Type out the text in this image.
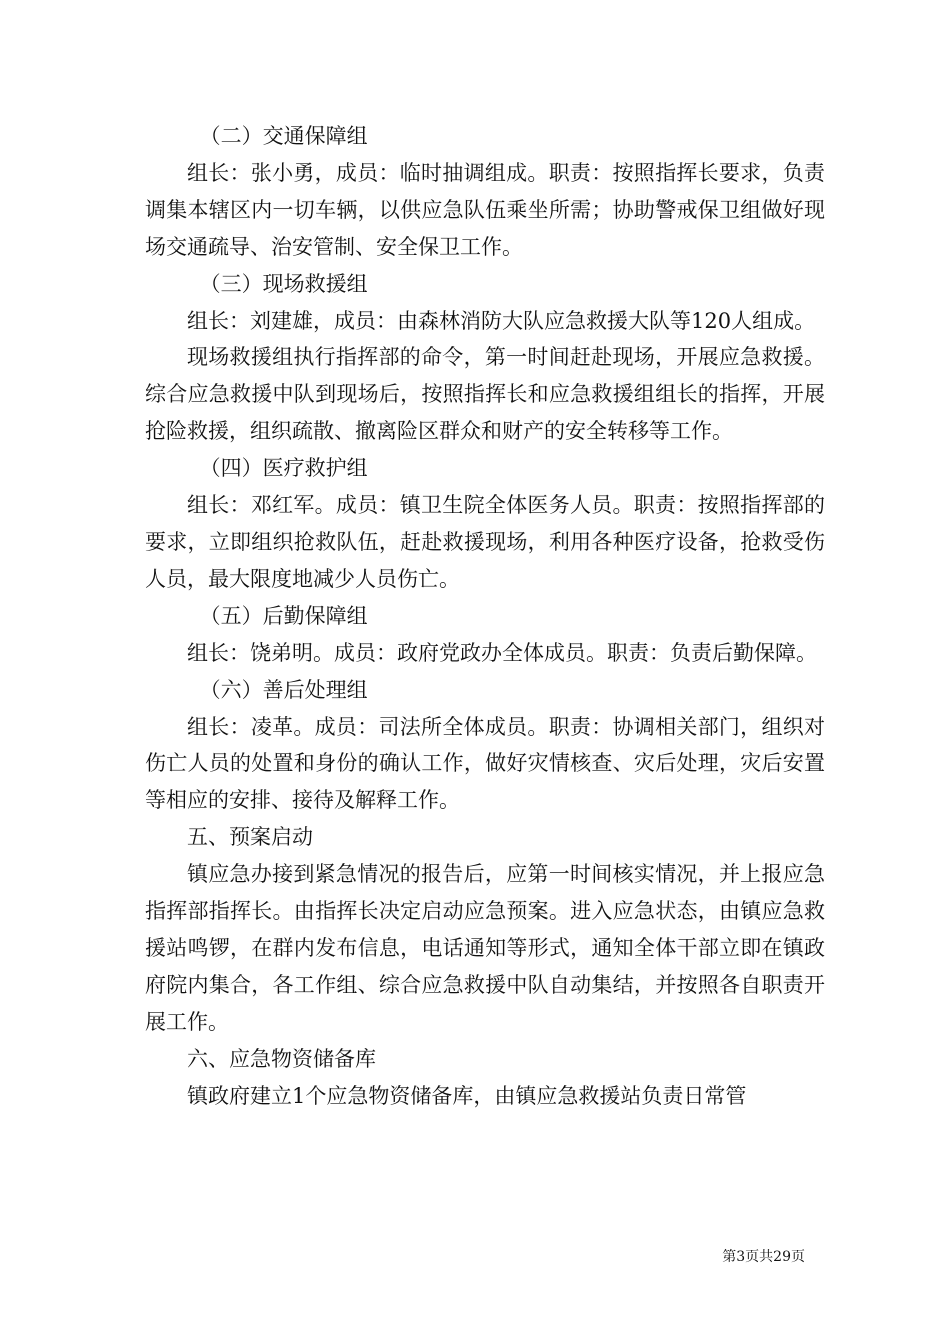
（二）交通保障组

组长：张小勇，成员：临时抽调组成。职责：按照指挥长要求，负责调集本辖区内一切车辆，以供应急队伍乘坐所需；协助警戒保卫组做好现场交通疏导、治安管制、安全保卫工作。

（三）现场救援组

组长：刘建雄，成员：由森林消防大队应急救援大队等120人组成。

现场救援组执行指挥部的命令，第一时间赶赴现场，开展应急救援。综合应急救援中队到现场后，按照指挥长和应急救援组组长的指挥，开展抢险救援，组织疏散、撤离险区群众和财产的安全转移等工作。

（四）医疗救护组

组长：邓红军。成员：镇卫生院全体医务人员。职责：按照指挥部的要求，立即组织抢救队伍，赶赴救援现场，利用各种医疗设备，抢救受伤人员，最大限度地减少人员伤亡。

（五）后勤保障组

组长：饶弟明。成员：政府党政办全体成员。职责：负责后勤保障。

（六）善后处理组

组长：凌革。成员：司法所全体成员。职责：协调相关部门，组织对伤亡人员的处置和身份的确认工作，做好灾情核查、灾后处理，灾后安置等相应的安排、接待及解释工作。

五、预案启动

镇应急办接到紧急情况的报告后，应第一时间核实情况，并上报应急指挥部指挥长。由指挥长决定启动应急预案。进入应急状态，由镇应急救援站鸣锣，在群内发布信息，电话通知等形式，通知全体干部立即在镇政府院内集合，各工作组、综合应急救援中队自动集结，并按照各自职责开展工作。

六、应急物资储备库

镇政府建立1个应急物资储备库，由镇应急救援站负责日常管

第3页共29页
